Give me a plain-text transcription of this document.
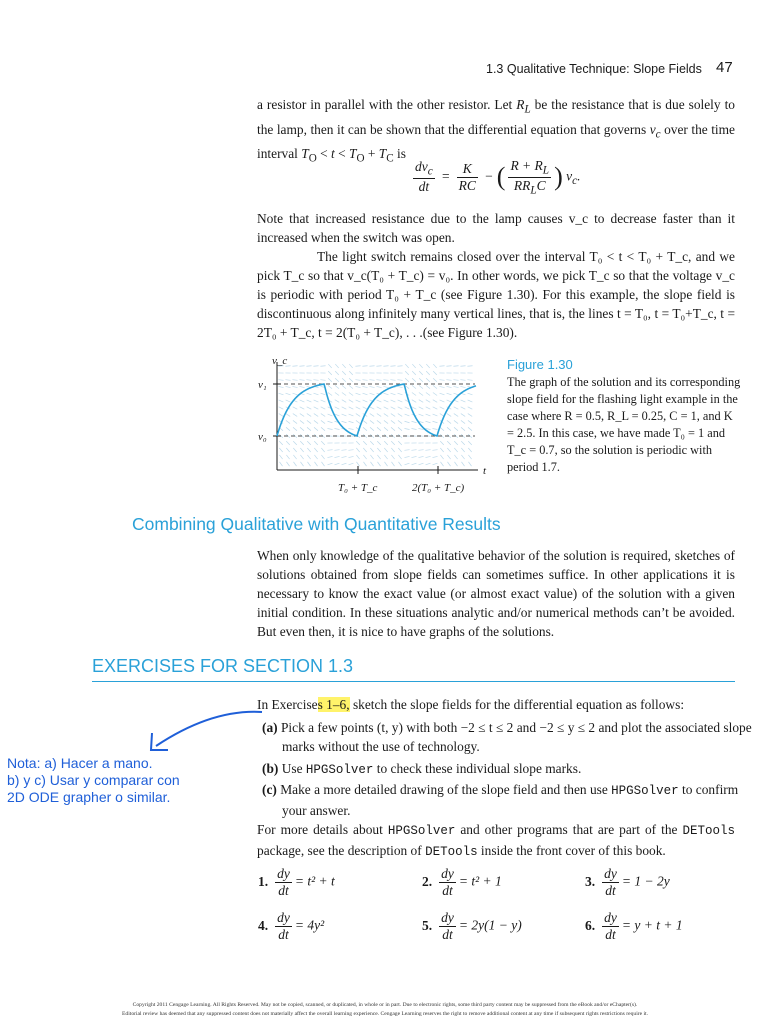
1.3 Qualitative Technique: Slope Fields 47

a resistor in parallel with the other resistor. Let $R_L$ be the resistance that is due solely to the lamp, then it can be shown that the differential equation that governs $v_c$ over the time interval $T_O < t < T_O + T_C$ is

$\frac{dv_c}{dt} = \frac{K}{RC}$ − ( $\frac{R + R_L}{RR_LC}$ ) $v_c$.

Note that increased resistance due to the lamp causes v_c to decrease faster than it increased when the switch was open.

The light switch remains closed over the interval T₀ < t < T₀ + T_c, and we pick T_c so that v_c(T₀ + T_c) = v₀. In other words, we pick T_c so that the voltage v_c is periodic with period T₀ + T_c (see Figure 1.30). For this example, the slope field is discontinuous along infinitely many vertical lines, that is, the lines t = T₀, t = T₀+T_c, t = 2T₀ + T_c, t = 2(T₀ + T_c), . . .(see Figure 1.30).

v_c
v₁
v₀
t
T₀ + T_c	2(T₀ + T_c)
Figure 1.30
The graph of the solution and its corresponding slope field for the flashing light example in the case where R = 0.5, R_L = 0.25, C = 1, and K = 2.5. In this case, we have made T₀ = 1 and T_c = 0.7, so the solution is periodic with period 1.7.
Combining Qualitative with Quantitative Results
When only knowledge of the qualitative behavior of the solution is required, sketches of solutions obtained from slope fields can sometimes suffice. In other applications it is necessary to know the exact value (or almost exact value) of the solution with a given initial condition. In these situations analytic and/or numerical methods can’t be avoided. But even then, it is nice to have graphs of the solutions.
EXERCISES FOR SECTION 1.3
In Exercises 1–6, sketch the slope fields for the differential equation as follows:
(a) Pick a few points (t, y) with both −2 ≤ t ≤ 2 and −2 ≤ y ≤ 2 and plot the associated slope marks without the use of technology.
(b) Use HPGSolver to check these individual slope marks.
(c) Make a more detailed drawing of the slope field and then use HPGSolver to confirm your answer.
For more details about HPGSolver and other programs that are part of the DETools package, see the description of DETools inside the front cover of this book.
1. $\frac{dy}{dt} = t^2 + t$	2. $\frac{dy}{dt} = t^2 + 1$	3. $\frac{dy}{dt} = 1 - 2y$
4. $\frac{dy}{dt} = 4y^2$	5. $\frac{dy}{dt} = 2y(1 - y)$	6. $\frac{dy}{dt} = y + t + 1$
Nota: a) Hacer a mano.
b) y c) Usar y comparar con
2D ODE grapher o similar.
Copyright 2011 Cengage Learning. All Rights Reserved. May not be copied, scanned, or duplicated, in whole or in part. Due to electronic rights, some third party content may be suppressed from the eBook and/or eChapter(s).
Editorial review has deemed that any suppressed content does not materially affect the overall learning experience. Cengage Learning reserves the right to remove additional content at any time if subsequent rights restrictions require it.
